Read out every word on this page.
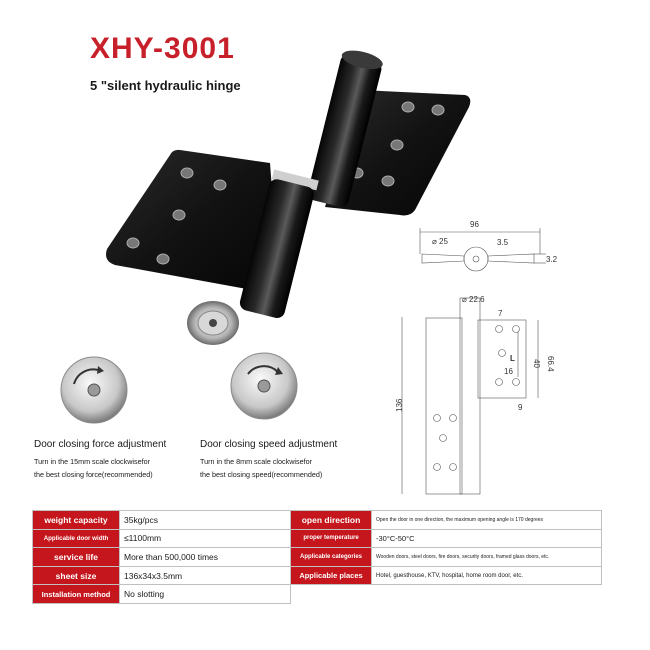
XHY-3001
5 "silent hydraulic hinge
96
⌀ 25	3.5
3.2
⌀ 22.6
7
L
16
9
136
40 66.4
Door closing force adjustment
Turn in the 15mm scale clockwisefor
the best closing force(recommended)
Door closing speed adjustment
Turn in the 8mm scale clockwisefor
the best closing speed(recommended)
weight capacity	35kg/pcs	open direction	Open the door in one direction, the maximum opening angle is 170 degrees
Applicable door width	≤1100mm	proper temperature	-30°C-50°C
service life	More than 500,000 times	Applicable categories	Wooden doors, steel doors, fire doors, security doors, framed glass doors, etc.
sheet size	136x34x3.5mm	Applicable places	Hotel, guesthouse, KTV, hospital, home room door, etc.
Installation method	No slotting		
